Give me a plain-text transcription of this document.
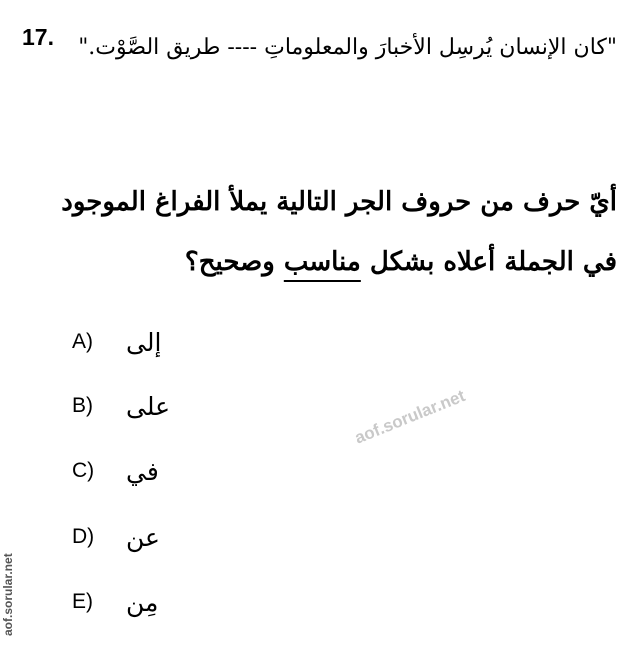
17.	"كان الإنسان يُرسِل الأخبارَ والمعلوماتِ ---- طريق الصَّوْت."
أيّ حرف من حروف الجر التالية يملأ الفراغ الموجود في الجملة أعلاه بشكل مناسب وصحيح؟
A)	إلى
B)	على
C)	في
D)	عن
E)	مِن
aof.sorular.net
aof.sorular.net
